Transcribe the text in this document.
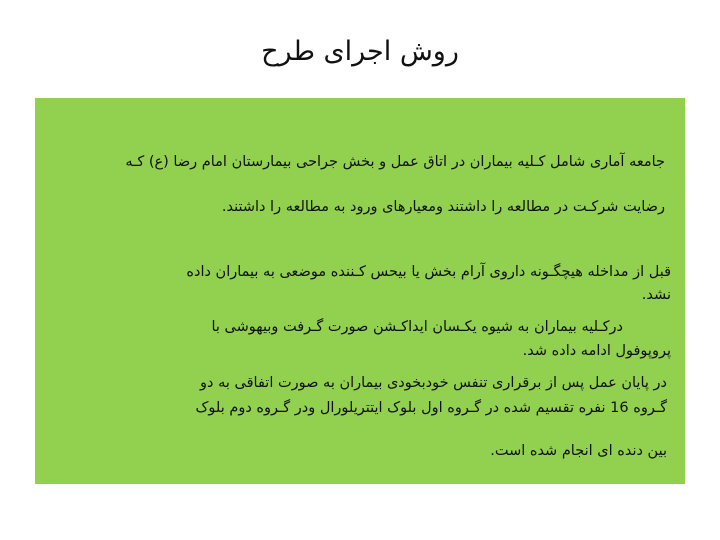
روش اجرای طرح
جامعه آماری شامل کـلیه بیماران در اتاق عمل و بخش جراحی بیمارستان امام رضا (ع) کـه
رضایت شرکـت در مطالعه را داشتند ومعیارهای ورود به مطالعه را داشتند.
قبل از مداخله هیچگـونه داروی آرام بخش یا بیحس کـننده موضعی به بیماران داده
نشد.
درکـلیه بیماران به شیوه یکـسان ایداکـشن صورت گـرفت وبیهوشی با
پروپوفول ادامه داده شد.
در پایان عمل پس از برقراری تنفس خودبخودی بیماران به صورت اتفاقی به دو
گـروه 16 نفره تقسیم شده در گـروه اول بلوک ایتتریلورال ودر گـروه دوم بلوک
بین دنده ای انجام شده است.
